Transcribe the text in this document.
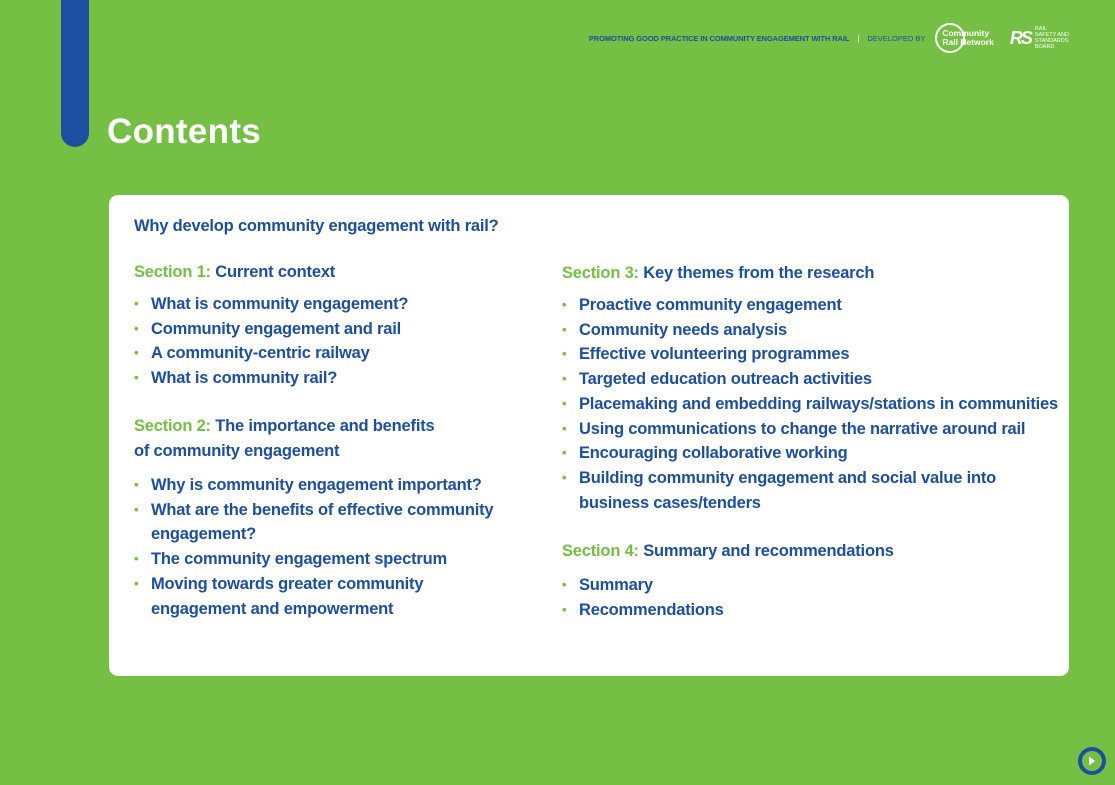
PROMOTING GOOD PRACTICE IN COMMUNITY ENGAGEMENT WITH RAIL | DEVELOPED BY Community
Rail Network RS RAIL
SAFETY AND
STANDARDS
BOARD
Contents
Why develop community engagement with rail?
Section 1: Current context
• What is community engagement?
• Community engagement and rail
• A community-centric railway
• What is community rail?
Section 2: The importance and benefits
of community engagement
• Why is community engagement important?
• What are the benefits of effective community
engagement?
• The community engagement spectrum
• Moving towards greater community
engagement and empowerment
Section 3: Key themes from the research
• Proactive community engagement
• Community needs analysis
• Effective volunteering programmes
• Targeted education outreach activities
• Placemaking and embedding railways/stations in communities
• Using communications to change the narrative around rail
• Encouraging collaborative working
• Building community engagement and social value into
business cases/tenders
Section 4: Summary and recommendations
• Summary
• Recommendations
